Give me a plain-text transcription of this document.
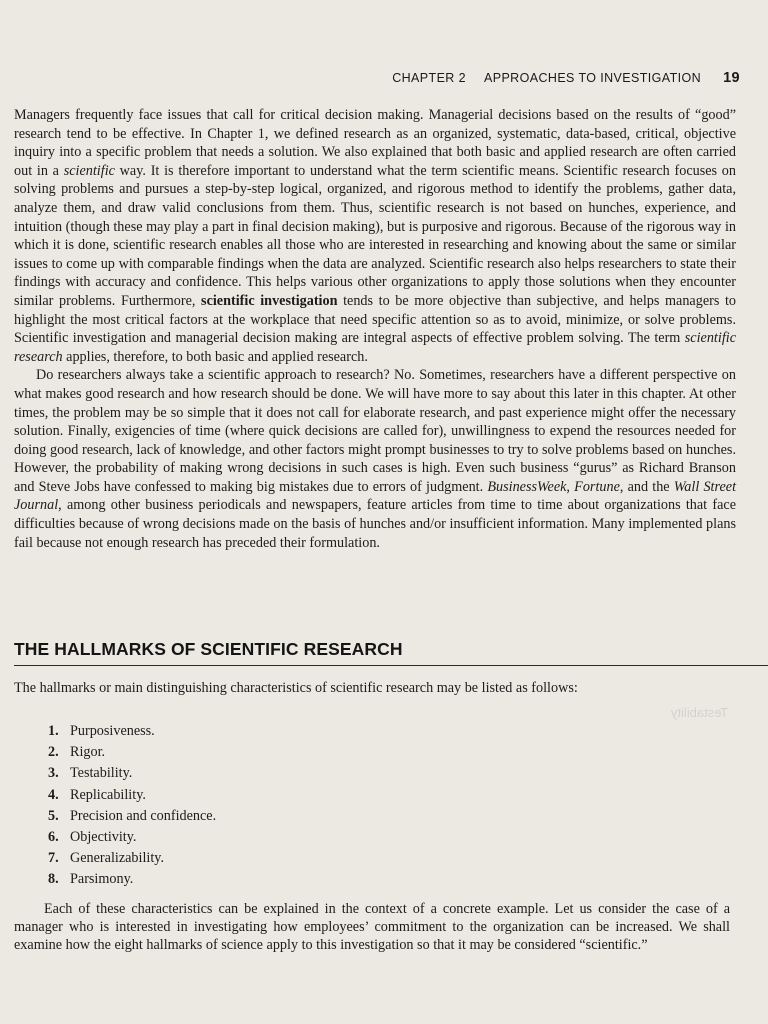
CHAPTER 2 APPROACHES TO INVESTIGATION 19

Managers frequently face issues that call for critical decision making. Managerial decisions based on the results of “good” research tend to be effective. In Chapter 1, we defined research as an organized, systematic, data-based, critical, objective inquiry into a specific problem that needs a solution. We also explained that both basic and applied research are often carried out in a scientific way. It is therefore important to understand what the term scientific means. Scientific research focuses on solving problems and pursues a step-by-step logical, organized, and rigorous method to identify the problems, gather data, analyze them, and draw valid conclusions from them. Thus, scientific research is not based on hunches, experience, and intuition (though these may play a part in final decision making), but is purposive and rigorous. Because of the rigorous way in which it is done, scientific research enables all those who are interested in researching and knowing about the same or similar issues to come up with comparable findings when the data are analyzed. Scientific research also helps researchers to state their findings with accuracy and confidence. This helps various other organizations to apply those solutions when they encounter similar problems. Furthermore, scientific investigation tends to be more objective than subjective, and helps managers to highlight the most critical factors at the workplace that need specific attention so as to avoid, minimize, or solve problems. Scientific investigation and managerial decision making are integral aspects of effective problem solving. The term scientific research applies, therefore, to both basic and applied research.

Do researchers always take a scientific approach to research? No. Sometimes, researchers have a different perspective on what makes good research and how research should be done. We will have more to say about this later in this chapter. At other times, the problem may be so simple that it does not call for elaborate research, and past experience might offer the necessary solution. Finally, exigencies of time (where quick decisions are called for), unwillingness to expend the resources needed for doing good research, lack of knowledge, and other factors might prompt businesses to try to solve problems based on hunches. However, the probability of making wrong decisions in such cases is high. Even such business “gurus” as Richard Branson and Steve Jobs have confessed to making big mistakes due to errors of judgment. BusinessWeek, Fortune, and the Wall Street Journal, among other business periodicals and newspapers, feature articles from time to time about organizations that face difficulties because of wrong decisions made on the basis of hunches and/or insufficient information. Many implemented plans fail because not enough research has preceded their formulation.

THE HALLMARKS OF SCIENTIFIC RESEARCH
The hallmarks or main distinguishing characteristics of scientific research may be listed as follows:
1. Purposiveness.
2. Rigor.
3. Testability.
4. Replicability.
5. Precision and confidence.
6. Objectivity.
7. Generalizability.
8. Parsimony.

Each of these characteristics can be explained in the context of a concrete example. Let us consider the case of a manager who is interested in investigating how employees’ commitment to the organization can be increased. We shall examine how the eight hallmarks of science apply to this investigation so that it may be considered “scientific.”

Testability
